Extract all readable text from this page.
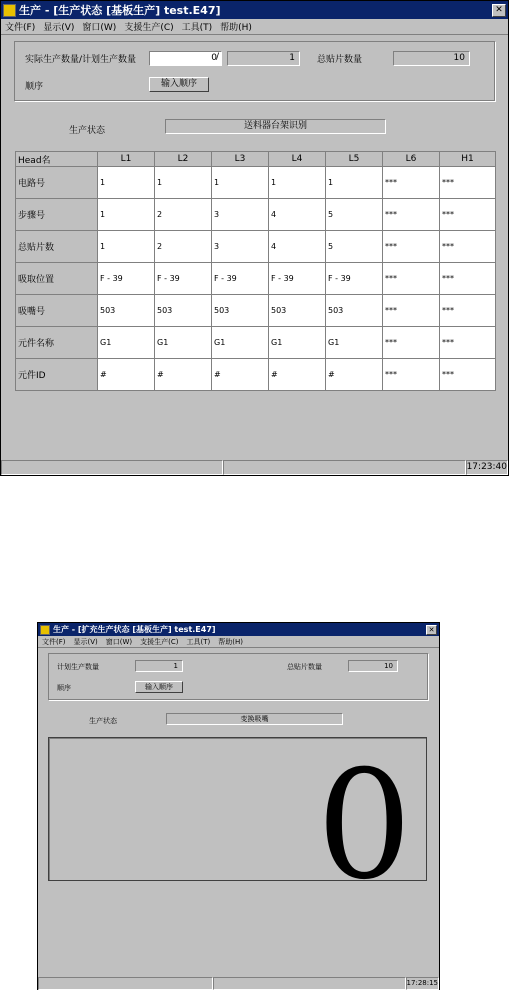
生产 - [生产状态 [基板生产] test.E47]	✕
文件(F) 显示(V) 窗口(W) 支援生产(C) 工具(T) 帮助(H)
实际生产数量/计划生产数量	0 /	1	总贴片数量	10
顺序	输入顺序
生产状态	送料器台架识别
Head名	L1	L2	L3	L4	L5	L6	H1
电路号	1	1	1	1	1	***	***
步骤号	1	2	3	4	5	***	***
总贴片数	1	2	3	4	5	***	***
吸取位置	F - 39	F - 39	F - 39	F - 39	F - 39	***	***
吸嘴号	503	503	503	503	503	***	***
元件名称	G1	G1	G1	G1	G1	***	***
元件ID	#	#	#	#	#	***	***
17:23:40
生产 - [扩充生产状态 [基板生产] test.E47]	✕
文件(F)	显示(V)	窗口(W)	支援生产(C)	工具(T)	帮助(H)
计划生产数量	1	总贴片数量	10
顺序	输入顺序
生产状态	变换吸嘴
0
17:28:15
